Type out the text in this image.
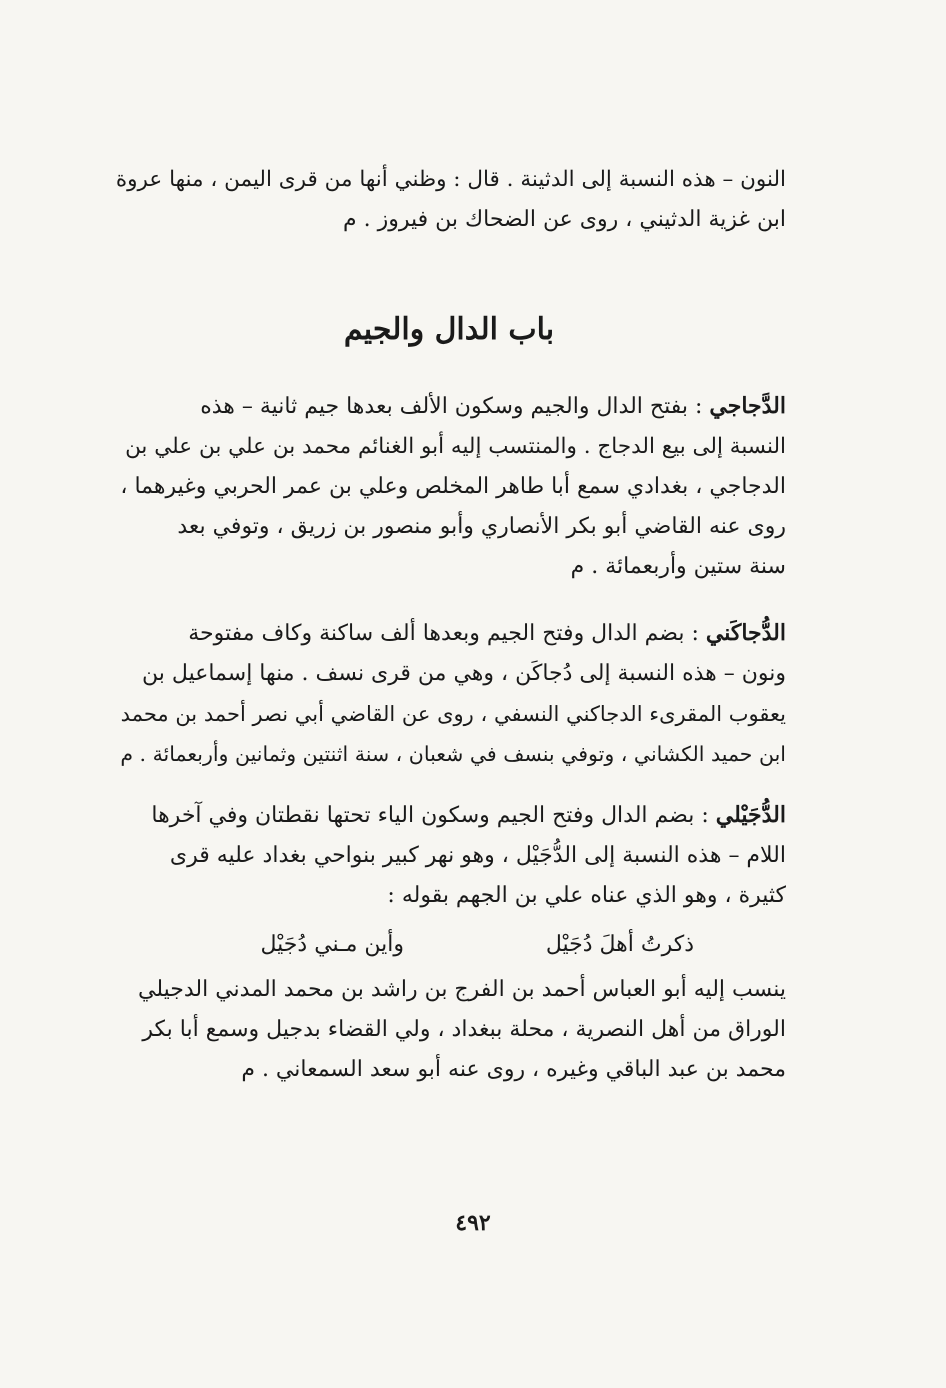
النون – هذه النسبة إلى الدثينة . قال : وظني أنها من قرى اليمن ، منها عروة
ابن غزية الدثيني ، روى عن الضحاك بن فيروز . م
باب الدال والجيم
الدَّجاجي : بفتح الدال والجيم وسكون الألف بعدها جيم ثانية – هذه
النسبة إلى بيع الدجاج . والمنتسب إليه أبو الغنائم محمد بن علي بن علي بن
الدجاجي ، بغدادي سمع أبا طاهر المخلص وعلي بن عمر الحربي وغيرهما ،
روى عنه القاضي أبو بكر الأنصاري وأبو منصور بن زريق ، وتوفي بعد
سنة ستين وأربعمائة . م
الدُّجاكَني : بضم الدال وفتح الجيم وبعدها ألف ساكنة وكاف مفتوحة
ونون – هذه النسبة إلى دُجاكَن ، وهي من قرى نسف . منها إسماعيل بن
يعقوب المقرىء الدجاكني النسفي ، روى عن القاضي أبي نصر أحمد بن محمد
ابن حميد الكشاني ، وتوفي بنسف في شعبان ، سنة اثنتين وثمانين وأربعمائة . م
الدُّجَيْلي : بضم الدال وفتح الجيم وسكون الياء تحتها نقطتان وفي آخرها
اللام – هذه النسبة إلى الدُّجَيْل ، وهو نهر كبير بنواحي بغداد عليه قرى
كثيرة ، وهو الذي عناه علي بن الجهم بقوله :
ذكرتُ أهلَ دُجَيْل
وأين مـني دُجَيْل
ينسب إليه أبو العباس أحمد بن الفرج بن راشد بن محمد المدني الدجيلي
الوراق من أهل النصرية ، محلة ببغداد ، ولي القضاء بدجيل وسمع أبا بكر
محمد بن عبد الباقي وغيره ، روى عنه أبو سعد السمعاني . م
٤٩٢
